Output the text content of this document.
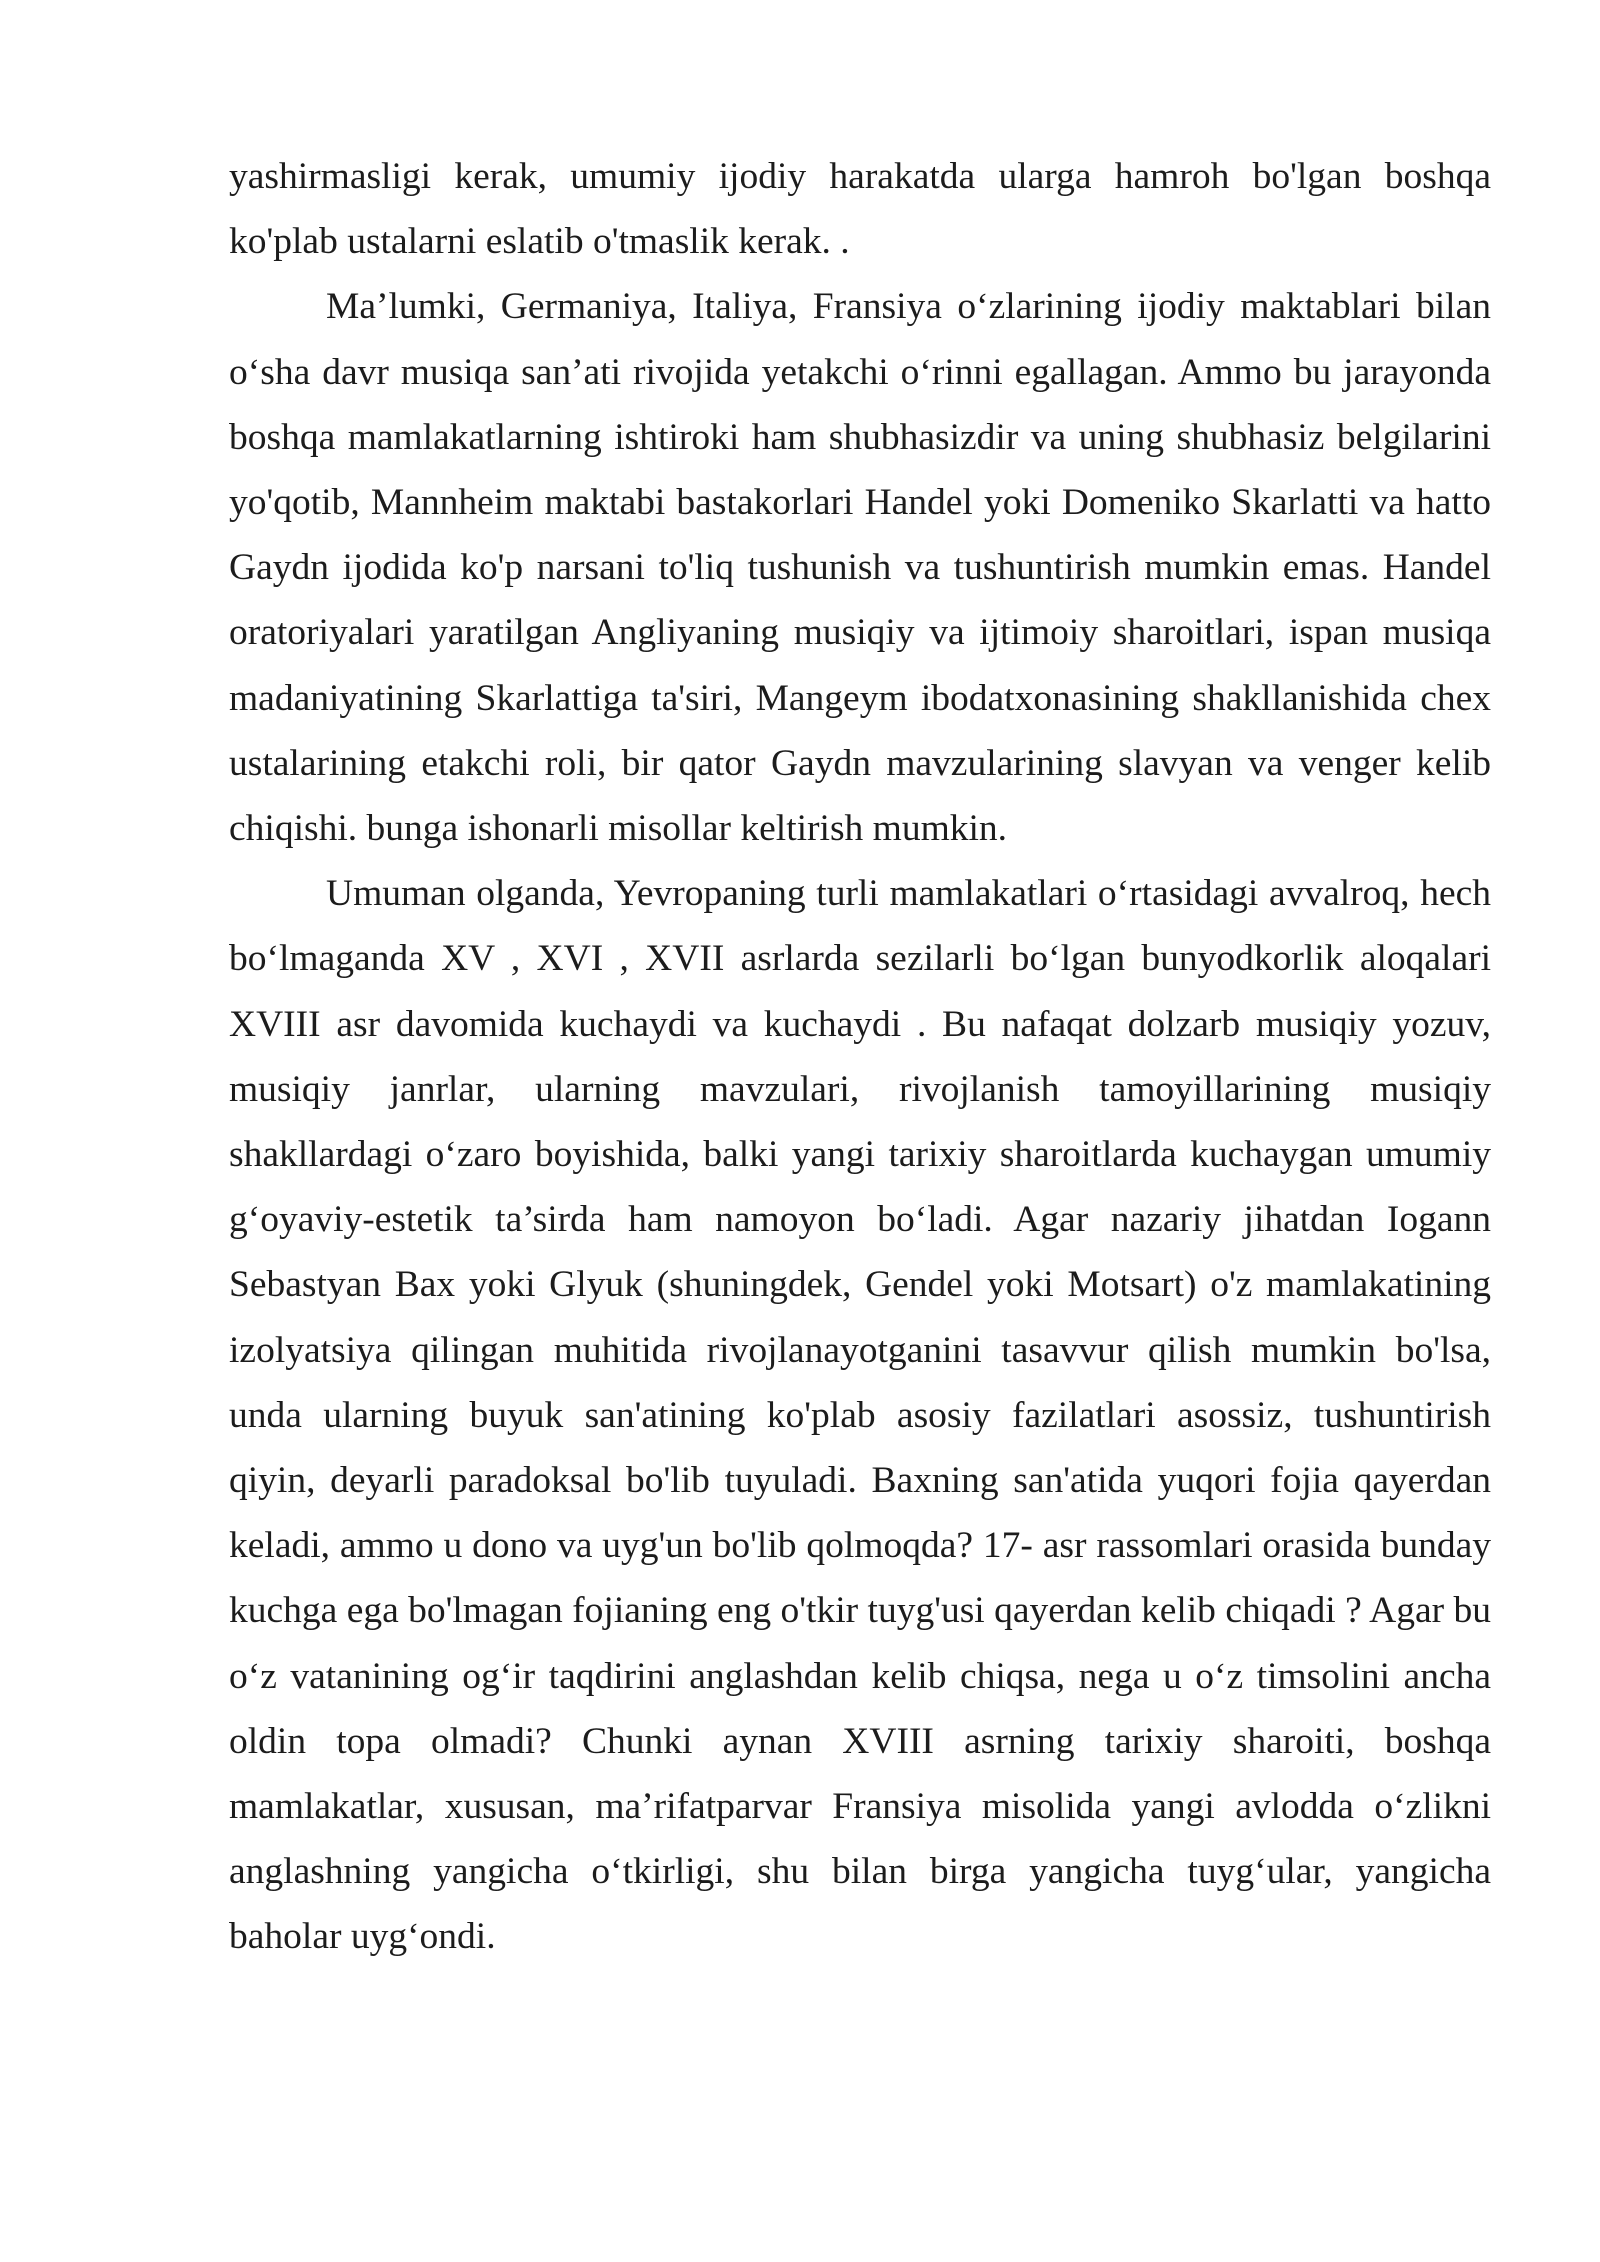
yashirmasligi kerak, umumiy ijodiy harakatda ularga hamroh bo'lgan boshqa ko'plab ustalarni eslatib o'tmaslik kerak. .

Ma’lumki, Germaniya, Italiya, Fransiya o‘zlarining ijodiy maktablari bilan o‘sha davr musiqa san’ati rivojida yetakchi o‘rinni egallagan. Ammo bu jarayonda boshqa mamlakatlarning ishtiroki ham shubhasizdir va uning shubhasiz belgilarini yo'qotib, Mannheim maktabi bastakorlari Handel yoki Domeniko Skarlatti va hatto Gaydn ijodida ko'p narsani to'liq tushunish va tushuntirish mumkin emas. Handel oratoriyalari yaratilgan Angliyaning musiqiy va ijtimoiy sharoitlari, ispan musiqa madaniyatining Skarlattiga ta'siri, Mangeym ibodatxonasining shakllanishida chex ustalarining etakchi roli, bir qator Gaydn mavzularining slavyan va venger kelib chiqishi. bunga ishonarli misollar keltirish mumkin.

Umuman olganda, Yevropaning turli mamlakatlari o‘rtasidagi avvalroq, hech bo‘lmaganda XV , XVI , XVII asrlarda sezilarli bo‘lgan bunyodkorlik aloqalari XVIII asr davomida kuchaydi va kuchaydi . Bu nafaqat dolzarb musiqiy yozuv, musiqiy janrlar, ularning mavzulari, rivojlanish tamoyillarining musiqiy shakllardagi o‘zaro boyishida, balki yangi tarixiy sharoitlarda kuchaygan umumiy g‘oyaviy-estetik ta’sirda ham namoyon bo‘ladi. Agar nazariy jihatdan Iogann Sebastyan Bax yoki Glyuk (shuningdek, Gendel yoki Motsart) o'z mamlakatining izolyatsiya qilingan muhitida rivojlanayotganini tasavvur qilish mumkin bo'lsa, unda ularning buyuk san'atining ko'plab asosiy fazilatlari asossiz, tushuntirish qiyin, deyarli paradoksal bo'lib tuyuladi. Baxning san'atida yuqori fojia qayerdan keladi, ammo u dono va uyg'un bo'lib qolmoqda? 17- asr rassomlari orasida bunday kuchga ega bo'lmagan fojianing eng o'tkir tuyg'usi qayerdan kelib chiqadi ? Agar bu o‘z vatanining og‘ir taqdirini anglashdan kelib chiqsa, nega u o‘z timsolini ancha oldin topa olmadi? Chunki aynan XVIII asrning tarixiy sharoiti, boshqa mamlakatlar, xususan, ma’rifatparvar Fransiya misolida yangi avlodda o‘zlikni anglashning yangicha o‘tkirligi, shu bilan birga yangicha tuyg‘ular, yangicha baholar uyg‘ondi.
